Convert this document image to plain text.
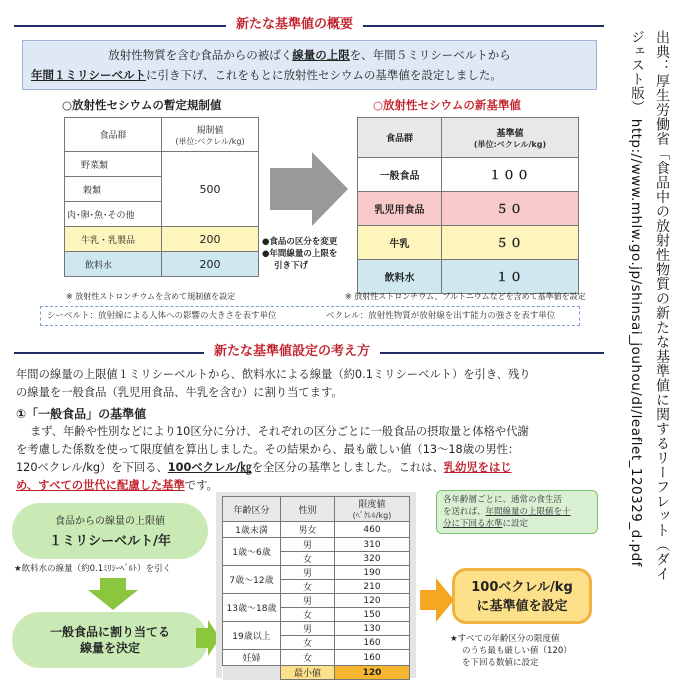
新たな基準値の概要
放射性物質を含む食品からの被ばく線量の上限を、年間５ミリシーベルトから
年間１ミリシーベルトに引き下げ、これをもとに放射性セシウムの基準値を設定しました。
○放射性セシウムの暫定規制値
食品群	規制値
(単位:ベクレル/kg)

野菜類	500
穀類	
肉･卵･魚･その他	
牛乳・乳製品	200
飲料水	200
※ 放射性ストロンチウムを含めて規制値を設定
●食品の区分を変更
●年間線量の上限を
引き下げ
○放射性セシウムの新基準値
食品群	基準値
(単位:ベクレル/kg)

一般食品	１００
乳児用食品	５０
牛乳	５０
飲料水	１０
※ 放射性ストロンチウム、プルトニウムなどを含めて基準値を設定
シーベルト：放射線による人体への影響の大きさを表す単位	ベクレル：放射性物質が放射線を出す能力の強さを表す単位
新たな基準値設定の考え方
年間の線量の上限値１ミリシーベルトから、飲料水による線量（約0.1ミリシーベルト）を引き、残り
の線量を一般食品（乳児用食品、牛乳を含む）に割り当てます。
①「一般食品」の基準値
まず、年齢や性別などにより10区分に分け、それぞれの区分ごとに一般食品の摂取量と体格や代謝
を考慮した係数を使って限度値を算出しました。その結果から、最も厳しい値（13～18歳の男性：
120ベクレル/kg）を下回る、100ベクレル/㎏を全区分の基準としました。これは、乳幼児をはじ
め、すべての世代に配慮した基準です。
食品からの線量の上限値
１ミリシーベルト/年
★飲料水の線量（約0.1ﾐﾘｼｰﾍﾞﾙﾄ）を引く
一般食品に割り当てる
線量を決定
年齢区分	性別	限度値
(ﾍﾞｸﾚﾙ/kg)

1歳未満	男女	460
1歳～6歳	男	310
	女	320
7歳～12歳	男	190
	女	210
13歳～18歳	男	120
	女	150
19歳以上	男	130
	女	160
妊婦	女	160
	最小値	120
各年齢層ごとに、通常の食生活
を送れば、年間線量の上限値を十
分に下回る水準に設定
100ベクレル/kg
に基準値を設定
★すべての年齢区分の限度値
のうち最も厳しい値（120）
を下回る数値に設定
出典：厚生労働省「食品中の放射性物質の新たな基準値に関するリーフレット（ダイ
ジェスト版） http://www.mhlw.go.jp/shinsai_jouhou/dl/leaflet_120329_d.pdf
